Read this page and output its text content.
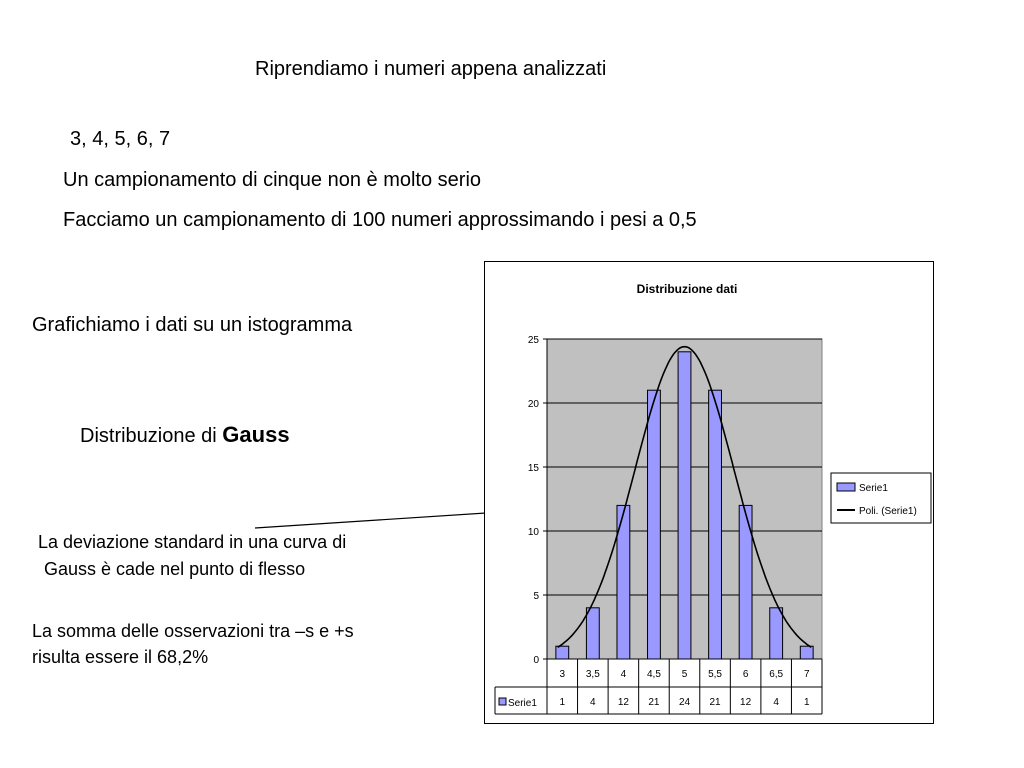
Riprendiamo i numeri appena analizzati
3, 4, 5, 6, 7
Un campionamento di cinque non è molto serio
Facciamo un campionamento di 100 numeri approssimando i pesi a 0,5
Grafichiamo i dati su un istogramma
Distribuzione di Gauss
La deviazione standard in una curva di
Gauss è cade nel punto di flesso
La somma delle osservazioni tra –s e +s
risulta essere il 68,2%
Distribuzione dati
0
5
10
15
20
25
3 3,5 4 4,5 5 5,5 6 6,5 7
1 4 12 21 24 21 12 4 1
Serie1
Serie1
Poli. (Serie1)
